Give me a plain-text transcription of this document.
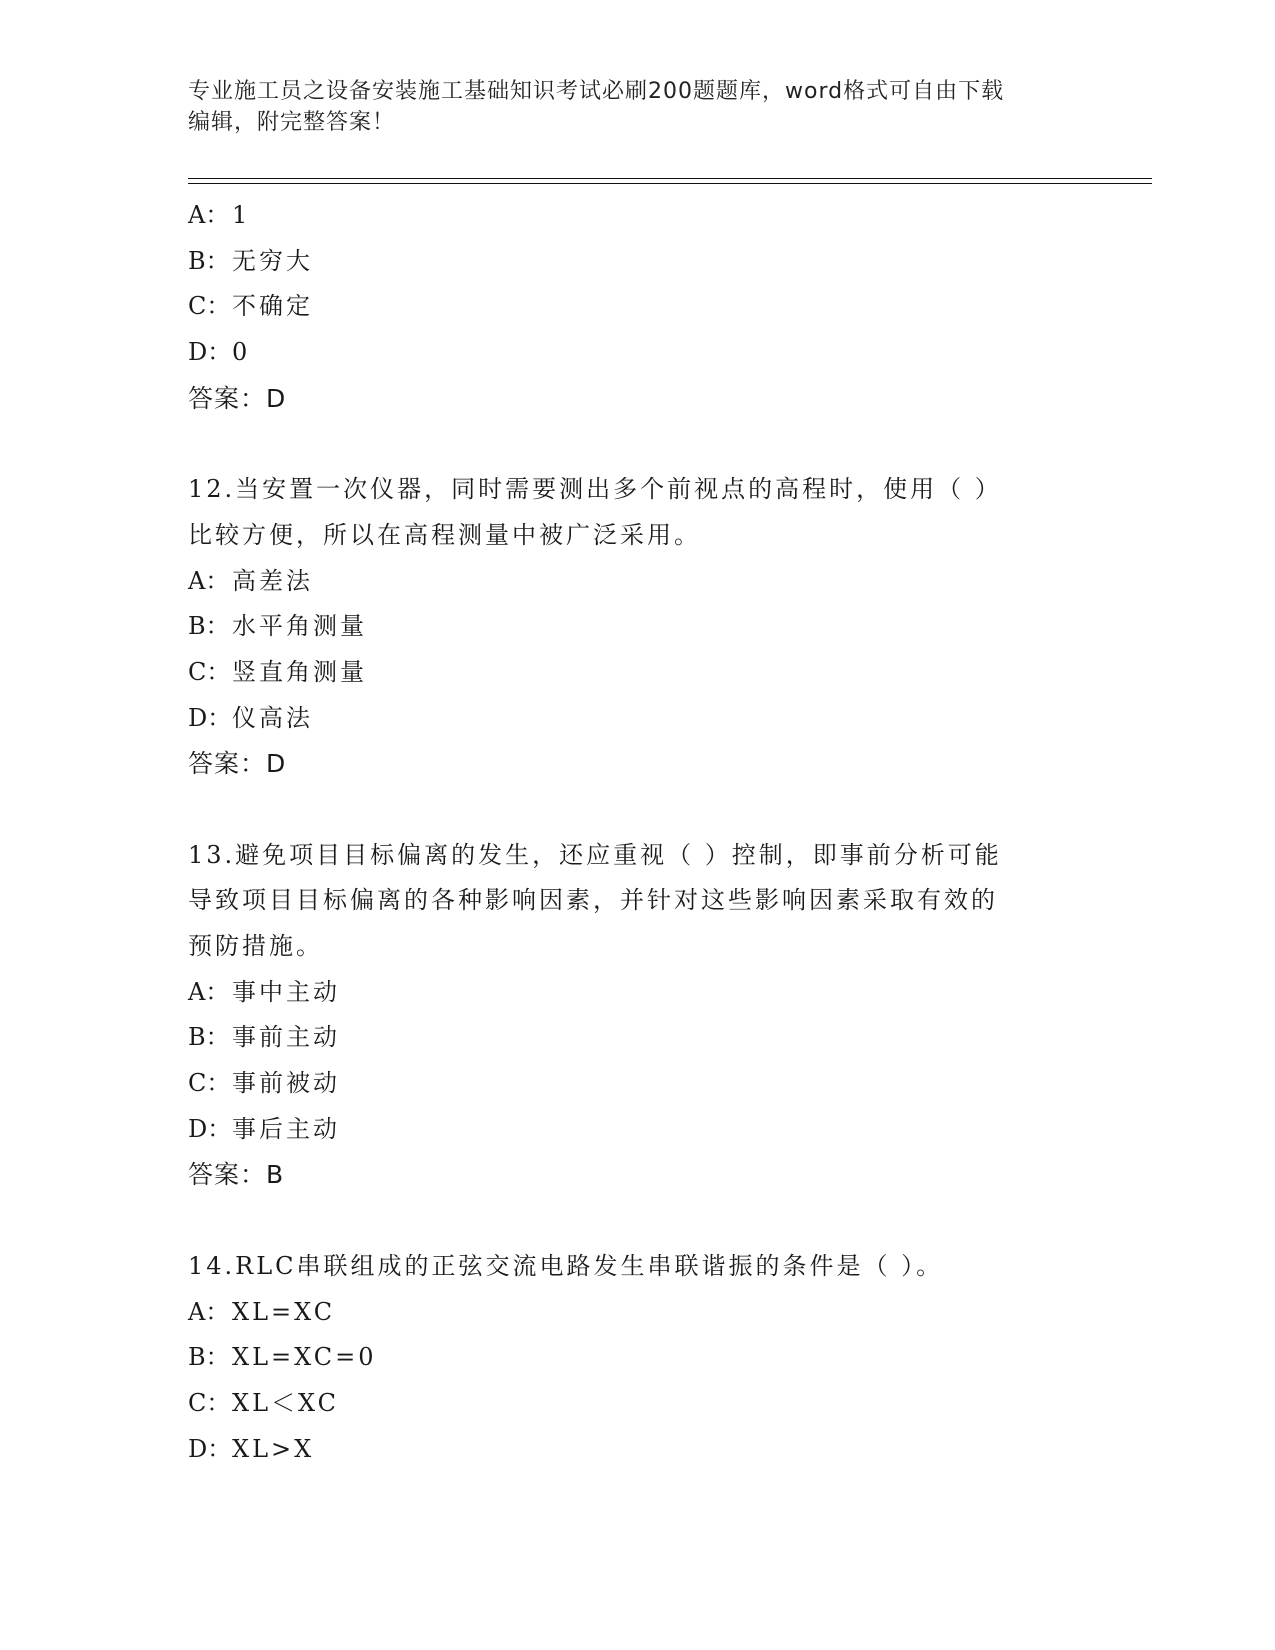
专业施工员之设备安装施工基础知识考试必刷200题题库，word格式可自由下载
编辑，附完整答案！
A： 1
B：无穷大
C：不确定
D：0
答案：D
12.当安置一次仪器，同时需要测出多个前视点的高程时，使用（ ）
比较方便，所以在高程测量中被广泛采用。
A： 高差法
B：水平角测量
C：竖直角测量
D：仪高法
答案：D
13.避免项目目标偏离的发生，还应重视（ ）控制，即事前分析可能
导致项目目标偏离的各种影响因素，并针对这些影响因素采取有效的
预防措施。
A： 事中主动
B：事前主动
C：事前被动
D：事后主动
答案：B
14.RLC串联组成的正弦交流电路发生串联谐振的条件是（ ）。
A： XL=XC
B：XL=XC=0
C：XL＜XC
D：XL>X
